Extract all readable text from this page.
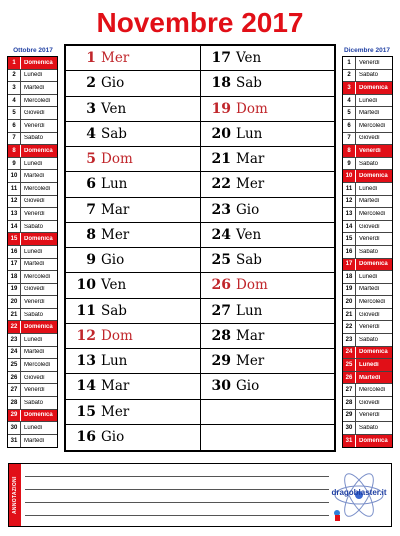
Novembre 2017
Ottobre 2017
1	Domenica
2	Lunedì
3	Martedì
4	Mercoledì
5	Giovedì
6	Venerdì
7	Sabato
8	Domenica
9	Lunedì
10	Martedì
11	Mercoledì
12	Giovedì
13	Venerdì
14	Sabato
15	Domenica
16	Lunedì
17	Martedì
18	Mercoledì
19	Giovedì
20	Venerdì
21	Sabato
22	Domenica
23	Lunedì
24	Martedì
25	Mercoledì
26	Giovedì
27	Venerdì
28	Sabato
29	Domenica
30	Lunedì
31	Martedì
Dicembre 2017
1	Venerdì
2	Sabato
3	Domenica
4	Lunedì
5	Martedì
6	Mercoledì
7	Giovedì
8	Venerdì
9	Sabato
10	Domenica
11	Lunedì
12	Martedì
13	Mercoledì
14	Giovedì
15	Venerdì
16	Sabato
17	Domenica
18	Lunedì
19	Martedì
20	Mercoledì
21	Giovedì
22	Venerdì
23	Sabato
24	Domenica
25	Lunedì
26	Martedì
27	Mercoledì
28	Giovedì
29	Venerdì
30	Sabato
31	Domenica
1 Mer
2 Gio
3 Ven
4 Sab
5 Dom
6 Lun
7 Mar
8 Mer
9 Gio
10 Ven
11 Sab
12 Dom
13 Lun
14 Mar
15 Mer
16 Gio
17 Ven
18 Sab
19 Dom
20 Lun
21 Mar
22 Mer
23 Gio
24 Ven
25 Sab
26 Dom
27 Lun
28 Mar
29 Mer
30 Gio
ANNOTAZIONI	dragoblaster.it
